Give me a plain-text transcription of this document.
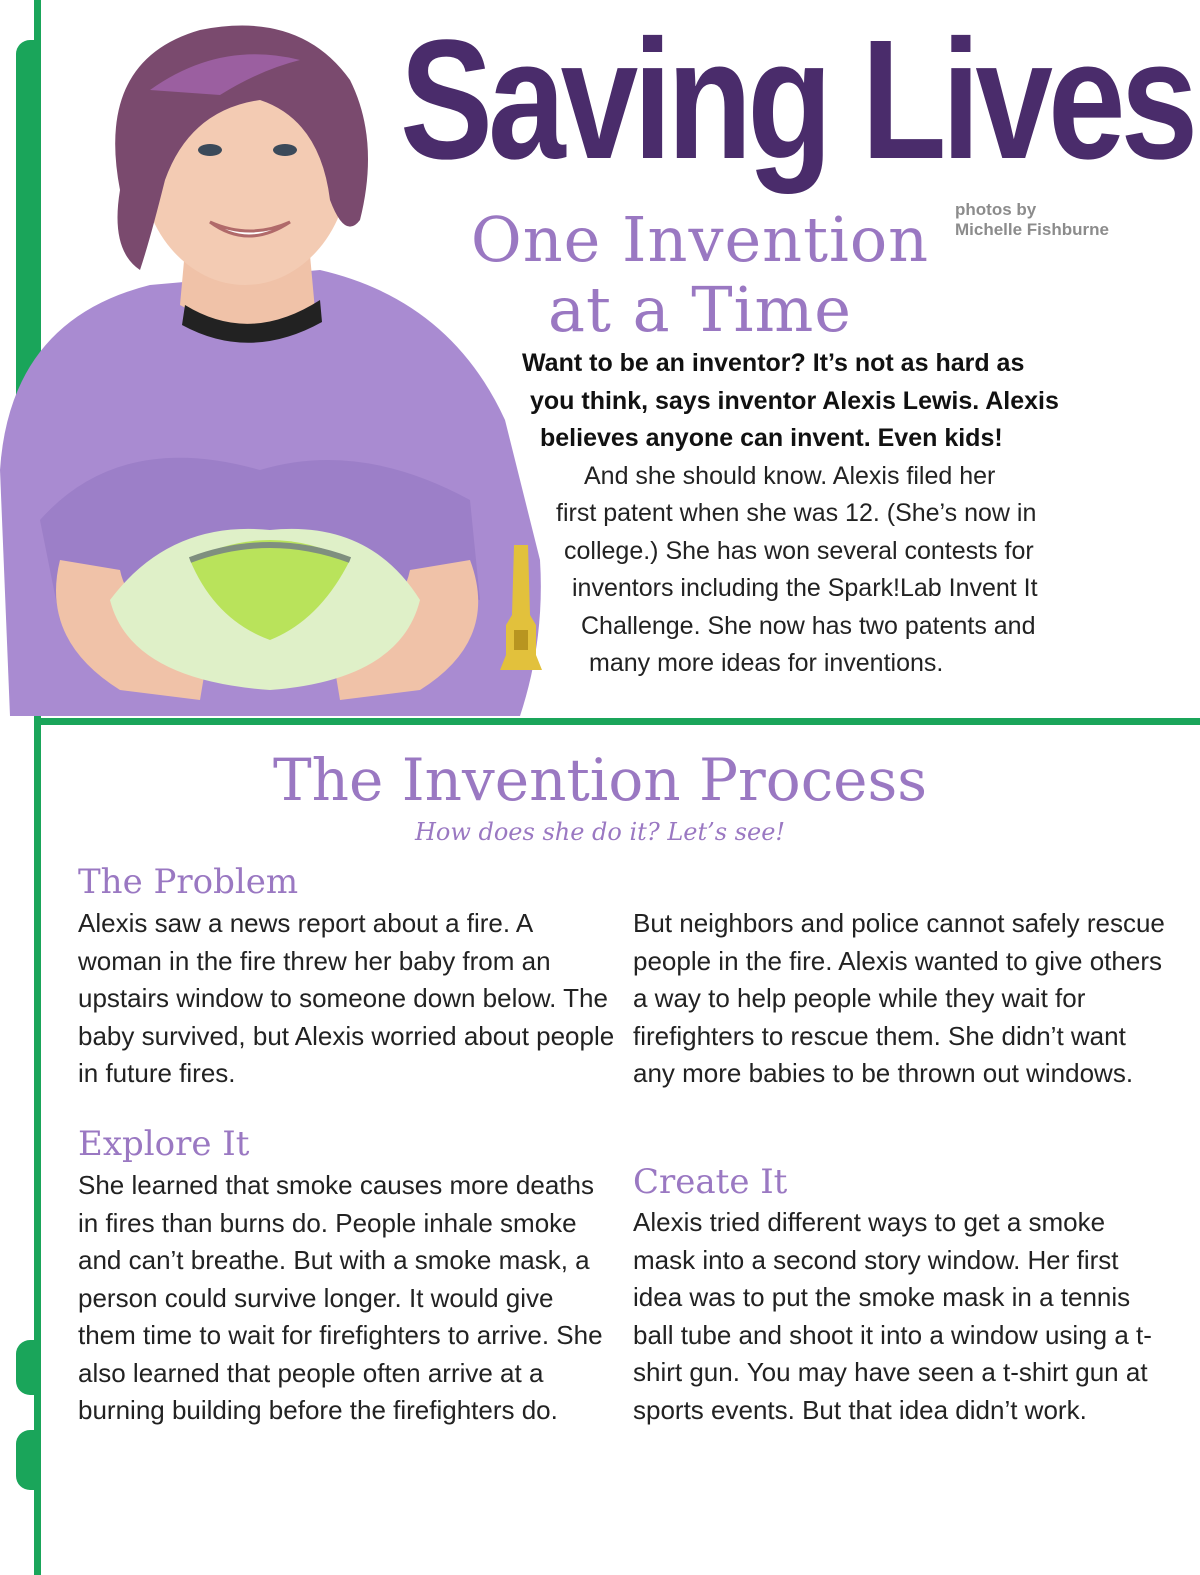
Saving Lives
One Invention
at a Time
photos by
Michelle Fishburne
Want to be an inventor? It’s not as hard as
you think, says inventor Alexis Lewis. Alexis
believes anyone can invent. Even kids!
And she should know. Alexis filed her
first patent when she was 12. (She’s now in
college.) She has won several contests for
inventors including the Spark!Lab Invent It
Challenge. She now has two patents and
many more ideas for inventions.
The Invention Process
How does she do it? Let’s see!
The Problem
Alexis saw a news report about a fire. A woman in the fire threw her baby from an upstairs window to someone down below. The baby survived, but Alexis worried about people in future fires.
But neighbors and police cannot safely rescue people in the fire. Alexis wanted to give others a way to help people while they wait for firefighters to rescue them. She didn’t want any more babies to be thrown out windows.
Explore It
She learned that smoke causes more deaths in fires than burns do. People inhale smoke and can’t breathe. But with a smoke mask, a person could survive longer. It would give them time to wait for firefighters to arrive. She also learned that people often arrive at a burning building before the firefighters do.
Create It
Alexis tried different ways to get a smoke mask into a second story window. Her first idea was to put the smoke mask in a tennis ball tube and shoot it into a window using a t-shirt gun. You may have seen a t-shirt gun at sports events. But that idea didn’t work.
